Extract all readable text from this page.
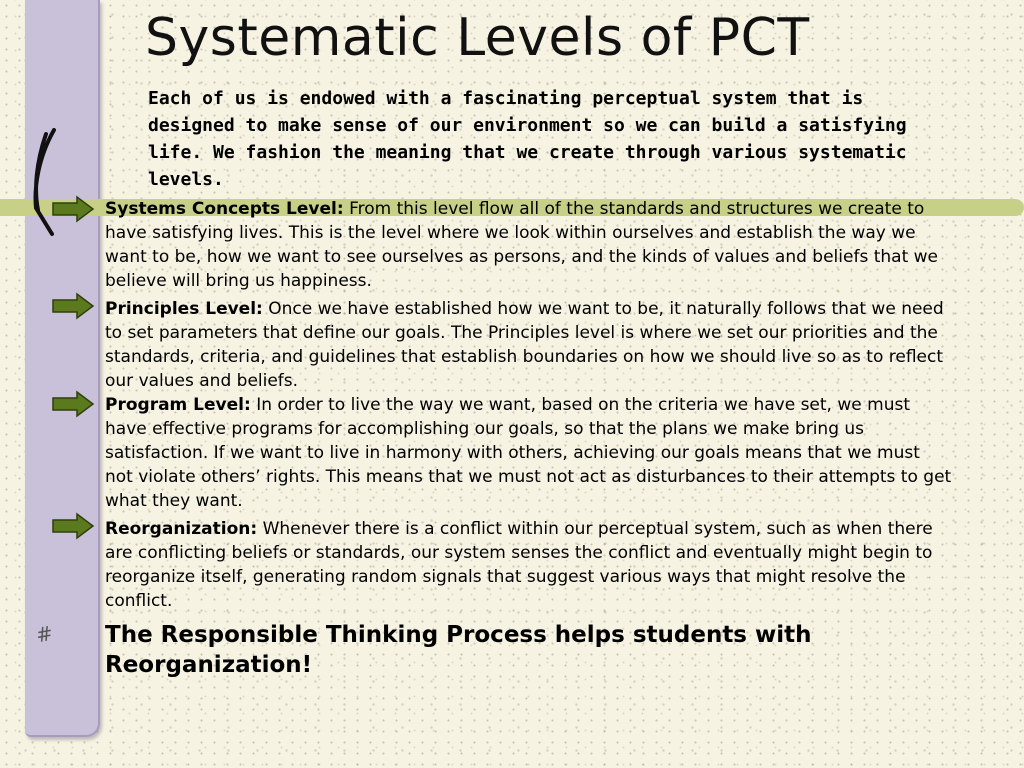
#
Systematic Levels of PCT

Each of us is endowed with a fascinating perceptual system that is designed to make sense of our environment so we can build a satisfying life. We fashion the meaning that we create through various systematic levels.

Systems Concepts Level: From this level flow all of the standards and structures we create to have satisfying lives. This is the level where we look within ourselves and establish the way we want to be, how we want to see ourselves as persons, and the kinds of values and beliefs that we believe will bring us happiness.

Principles Level: Once we have established how we want to be, it naturally follows that we need to set parameters that define our goals. The Principles level is where we set our priorities and the standards, criteria, and guidelines that establish boundaries on how we should live so as to reflect our values and beliefs.

Program Level: In order to live the way we want, based on the criteria we have set, we must have effective programs for accomplishing our goals, so that the plans we make bring us satisfaction. If we want to live in harmony with others, achieving our goals means that we must not violate others’ rights. This means that we must not act as disturbances to their attempts to get what they want.

Reorganization: Whenever there is a conflict within our perceptual system, such as when there are conflicting beliefs or standards, our system senses the conflict and eventually might begin to reorganize itself, generating random signals that suggest various ways that might resolve the conflict.

The Responsible Thinking Process helps students with Reorganization!
